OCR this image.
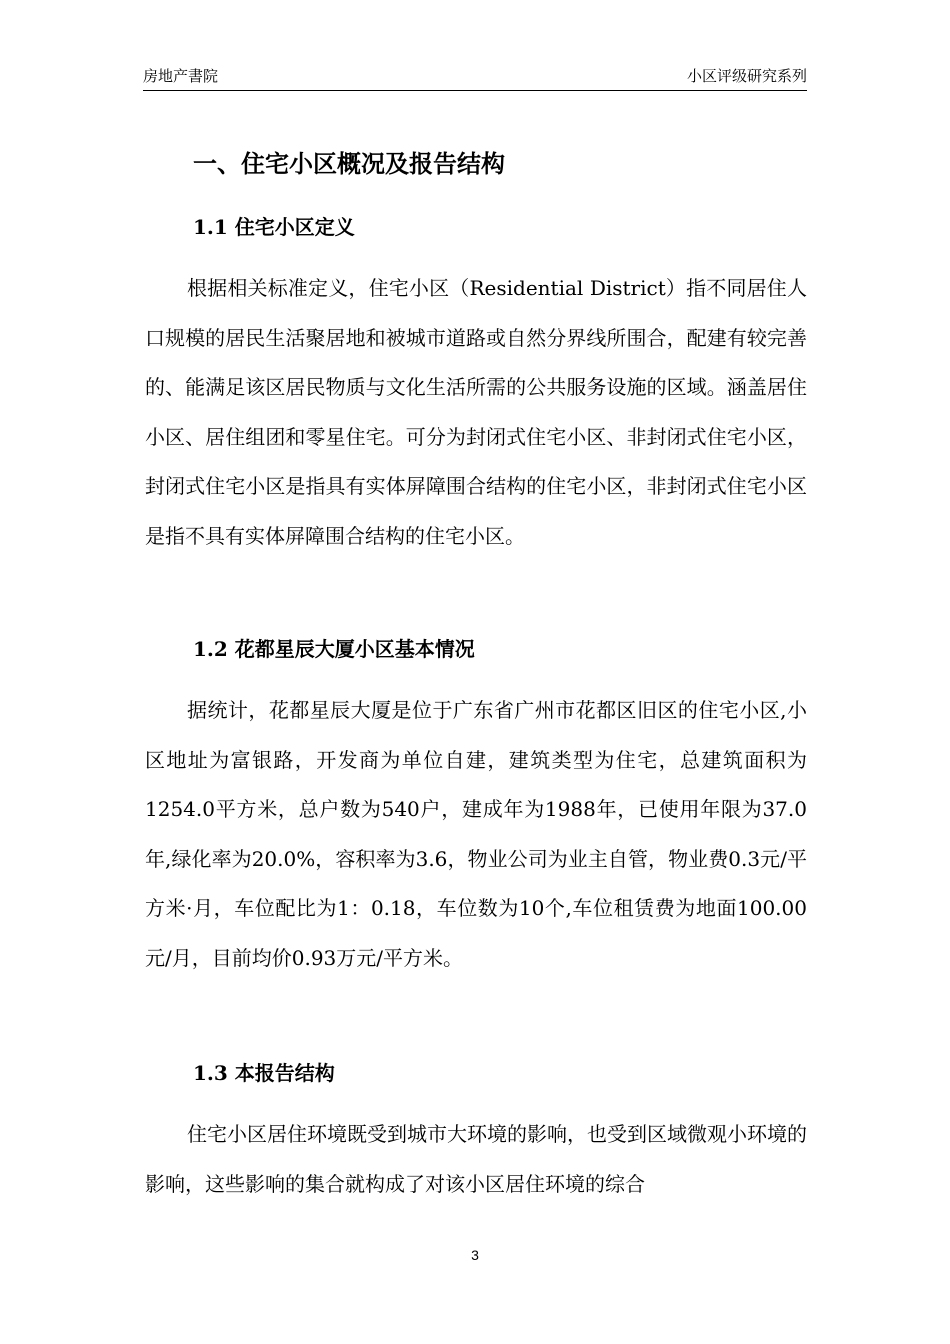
房地产書院	小区评级研究系列
一、住宅小区概况及报告结构
1.1 住宅小区定义

根据相关标准定义，住宅小区（Residential District）指不同居住人口规模的居民生活聚居地和被城市道路或自然分界线所围合，配建有较完善的、能满足该区居民物质与文化生活所需的公共服务设施的区域。涵盖居住小区、居住组团和零星住宅。可分为封闭式住宅小区、非封闭式住宅小区，封闭式住宅小区是指具有实体屏障围合结构的住宅小区，非封闭式住宅小区是指不具有实体屏障围合结构的住宅小区。

1.2 花都星辰大厦小区基本情况

据统计，花都星辰大厦是位于广东省广州市花都区旧区的住宅小区,小区地址为富银路，开发商为单位自建，建筑类型为住宅，总建筑面积为1254.0平方米，总户数为540户，建成年为1988年，已使用年限为37.0年,绿化率为20.0%，容积率为3.6，物业公司为业主自管，物业费0.3元/平方米·月，车位配比为1：0.18，车位数为10个,车位租赁费为地面100.00元/月，目前均价0.93万元/平方米。

1.3 本报告结构

住宅小区居住环境既受到城市大环境的影响，也受到区域微观小环境的影响，这些影响的集合就构成了对该小区居住环境的综合

3
